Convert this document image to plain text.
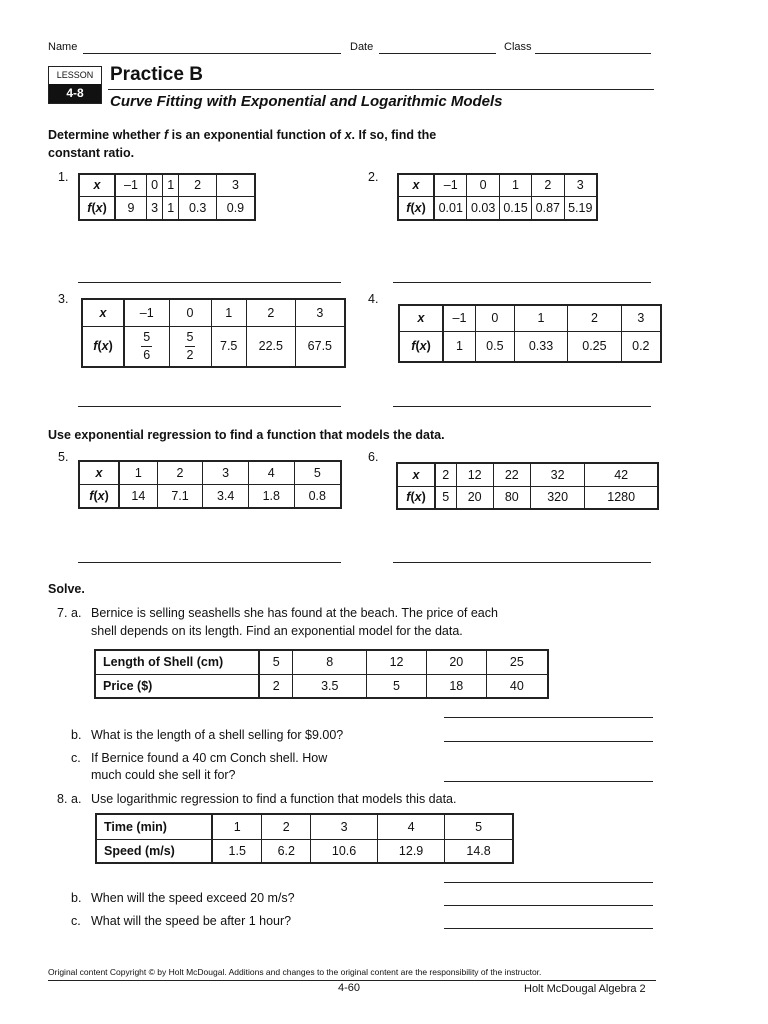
Name	Date	Class
LESSON
4-8
Practice B
Curve Fitting with Exponential and Logarithmic Models
Determine whether f is an exponential function of x. If so, find the
constant ratio.
1.
x	–1	0	1	2	3
f(x)	9	3	1	0.3	0.9
2.
x	–1	0	1	2	3
f(x)	0.01	0.03	0.15	0.87	5.19
3.
x	–1	0	1	2	3
f(x)	$\frac{5}{6}$	$\frac{5}{2}$	7.5	22.5	67.5
4.
x	–1	0	1	2	3
f(x)	1	0.5	0.33	0.25	0.2
Use exponential regression to find a function that models the data.
5.
x	1	2	3	4	5
f(x)	14	7.1	3.4	1.8	0.8
6.
x	2	12	22	32	42
f(x)	5	20	80	320	1280
Solve.
7. a. Bernice is selling seashells she has found at the beach. The price of each
shell depends on its length. Find an exponential model for the data.
Length of Shell (cm)	5	8	12	20	25
Price ($)	2	3.5	5	18	40
b. What is the length of a shell selling for $9.00?
c. If Bernice found a 40 cm Conch shell. How
much could she sell it for?
8. a. Use logarithmic regression to find a function that models this data.
Time (min)	1	2	3	4	5
Speed (m/s)	1.5	6.2	10.6	12.9	14.8
b. When will the speed exceed 20 m/s?
c. What will the speed be after 1 hour?
Original content Copyright © by Holt McDougal. Additions and changes to the original content are the responsibility of the instructor.
4-60	Holt McDougal Algebra 2
